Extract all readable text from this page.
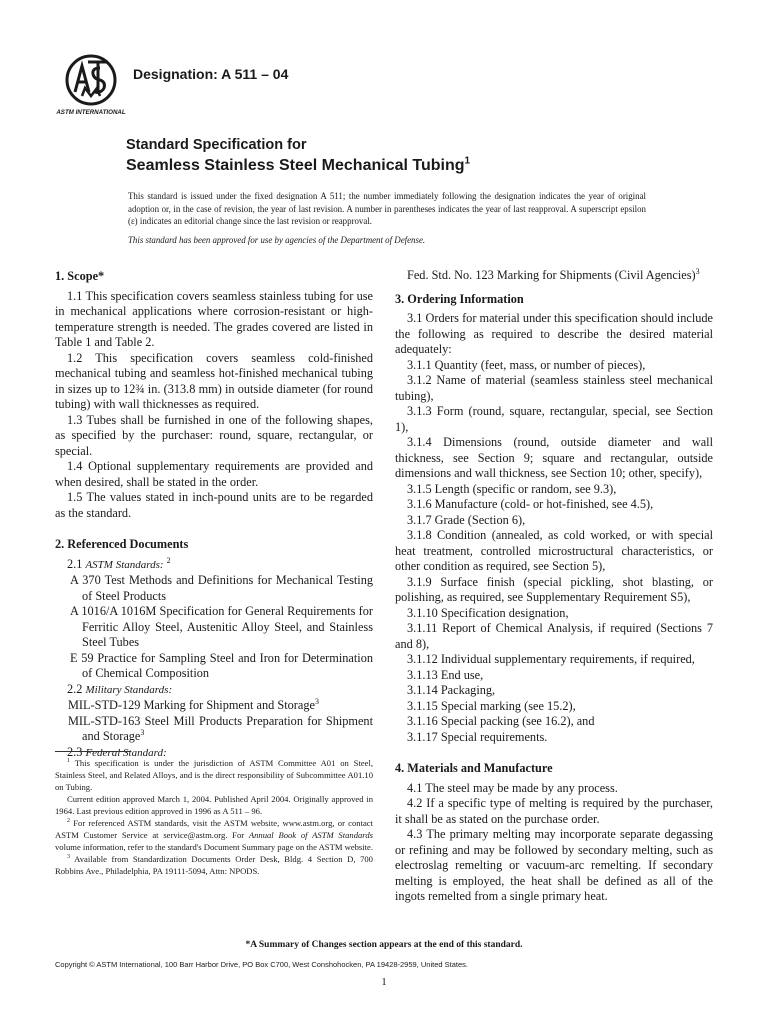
ASTM INTERNATIONAL
Designation: A 511 – 04
Standard Specification for
Seamless Stainless Steel Mechanical Tubing$^1$
This standard is issued under the fixed designation A 511; the number immediately following the designation indicates the year of original adoption or, in the case of revision, the year of last revision. A number in parentheses indicates the year of last reapproval. A superscript epsilon (ε) indicates an editorial change since the last revision or reapproval.
This standard has been approved for use by agencies of the Department of Defense.

1. Scope*

1.1 This specification covers seamless stainless tubing for use in mechanical applications where corrosion-resistant or high-temperature strength is needed. The grades covered are listed in Table 1 and Table 2.

1.2 This specification covers seamless cold-finished mechanical tubing and seamless hot-finished mechanical tubing in sizes up to 12¾ in. (313.8 mm) in outside diameter (for round tubing) with wall thicknesses as required.

1.3 Tubes shall be furnished in one of the following shapes, as specified by the purchaser: round, square, rectangular, or special.

1.4 Optional supplementary requirements are provided and when desired, shall be stated in the order.

1.5 The values stated in inch-pound units are to be regarded as the standard.

2. Referenced Documents

2.1 ASTM Standards: $^2$

A 370 Test Methods and Definitions for Mechanical Testing of Steel Products

A 1016/A 1016M Specification for General Requirements for Ferritic Alloy Steel, Austenitic Alloy Steel, and Stainless Steel Tubes

E 59 Practice for Sampling Steel and Iron for Determination of Chemical Composition

2.2 Military Standards:

MIL-STD-129 Marking for Shipment and Storage$^3$

MIL-STD-163 Steel Mill Products Preparation for Shipment and Storage$^3$

2.3 Federal Standard:

Fed. Std. No. 123 Marking for Shipments (Civil Agencies)$^3$

3. Ordering Information

3.1 Orders for material under this specification should include the following as required to describe the desired material adequately:

3.1.1 Quantity (feet, mass, or number of pieces),

3.1.2 Name of material (seamless stainless steel mechanical tubing),

3.1.3 Form (round, square, rectangular, special, see Section 1),

3.1.4 Dimensions (round, outside diameter and wall thickness, see Section 9; square and rectangular, outside dimensions and wall thickness, see Section 10; other, specify),

3.1.5 Length (specific or random, see 9.3),

3.1.6 Manufacture (cold- or hot-finished, see 4.5),

3.1.7 Grade (Section 6),

3.1.8 Condition (annealed, as cold worked, or with special heat treatment, controlled microstructural characteristics, or other condition as required, see Section 5),

3.1.9 Surface finish (special pickling, shot blasting, or polishing, as required, see Supplementary Requirement S5),

3.1.10 Specification designation,

3.1.11 Report of Chemical Analysis, if required (Sections 7 and 8),

3.1.12 Individual supplementary requirements, if required,

3.1.13 End use,

3.1.14 Packaging,

3.1.15 Special marking (see 15.2),

3.1.16 Special packing (see 16.2), and

3.1.17 Special requirements.

4. Materials and Manufacture

4.1 The steel may be made by any process.

4.2 If a specific type of melting is required by the purchaser, it shall be as stated on the purchase order.

4.3 The primary melting may incorporate separate degassing or refining and may be followed by secondary melting, such as electroslag remelting or vacuum-arc remelting. If secondary melting is employed, the heat shall be defined as all of the ingots remelted from a single primary heat.

$^1$ This specification is under the jurisdiction of ASTM Committee A01 on Steel, Stainless Steel, and Related Alloys, and is the direct responsibility of Subcommittee A01.10 on Tubing.

Current edition approved March 1, 2004. Published April 2004. Originally approved in 1964. Last previous edition approved in 1996 as A 511 – 96.

$^2$ For referenced ASTM standards, visit the ASTM website, www.astm.org, or contact ASTM Customer Service at service@astm.org. For Annual Book of ASTM Standards volume information, refer to the standard's Document Summary page on the ASTM website.

$^3$ Available from Standardization Documents Order Desk, Bldg. 4 Section D, 700 Robbins Ave., Philadelphia, PA 19111-5094, Attn: NPODS.

*A Summary of Changes section appears at the end of this standard.
Copyright © ASTM International, 100 Barr Harbor Drive, PO Box C700, West Conshohocken, PA 19428-2959, United States.
1
